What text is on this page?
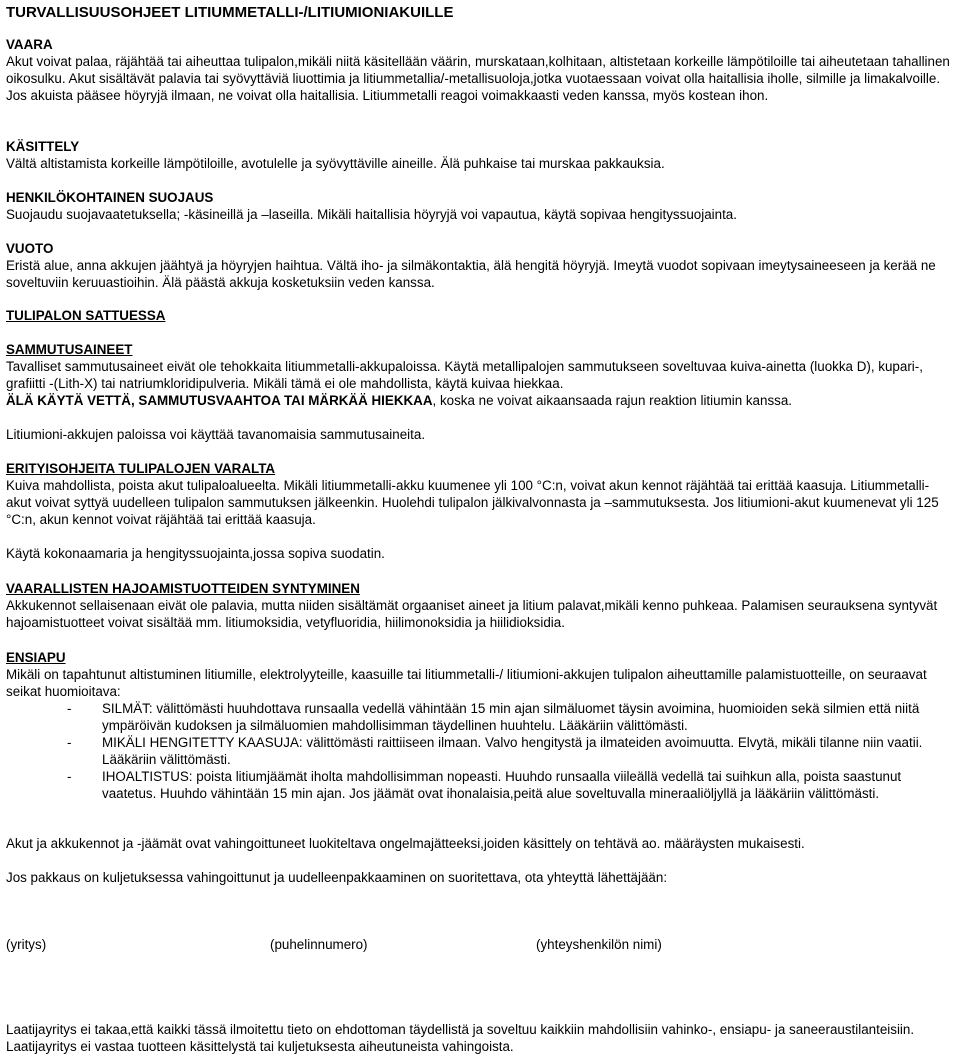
TURVALLISUUSOHJEET LITIUMMETALLI-/LITIUMIONIAKUILLE
VAARA
Akut voivat palaa, räjähtää tai aiheuttaa tulipalon,mikäli niitä käsitellään väärin, murskataan,kolhitaan, altistetaan korkeille lämpötiloille tai aiheutetaan tahallinen oikosulku. Akut sisältävät palavia tai syövyttäviä liuottimia ja litiummetallia/-metallisuoloja,jotka vuotaessaan voivat olla haitallisia iholle, silmille ja limakalvoille. Jos akuista pääsee höyryjä ilmaan, ne voivat olla haitallisia. Litiummetalli reagoi voimakkaasti veden kanssa, myös kostean ihon.
KÄSITTELY
Vältä altistamista korkeille lämpötiloille, avotulelle ja syövyttäville aineille. Älä puhkaise tai murskaa pakkauksia.
HENKILÖKOHTAINEN SUOJAUS
Suojaudu suojavaatetuksella; -käsineillä ja –laseilla. Mikäli haitallisia höyryjä voi vapautua, käytä sopivaa hengityssuojainta.
VUOTO
Eristä alue, anna akkujen jäähtyä ja höyryjen haihtua. Vältä iho- ja silmäkontaktia, älä hengitä höyryjä. Imeytä vuodot sopivaan imeytysaineeseen ja kerää ne soveltuviin keruuastioihin. Älä päästä akkuja kosketuksiin veden kanssa.
TULIPALON SATTUESSA
SAMMUTUSAINEET
Tavalliset sammutusaineet eivät ole tehokkaita litiummetalli-akkupaloissa. Käytä metallipalojen sammutukseen soveltuvaa kuiva-ainetta (luokka D), kupari-, grafiitti -(Lith-X) tai natriumkloridipulveria. Mikäli tämä ei ole mahdollista, käytä kuivaa hiekkaa.
ÄLÄ KÄYTÄ VETTÄ, SAMMUTUSVAAHTOA TAI MÄRKÄÄ HIEKKAA, koska ne voivat aikaansaada rajun reaktion litiumin kanssa.
Litiumioni-akkujen paloissa voi käyttää tavanomaisia sammutusaineita.
ERITYISOHJEITA TULIPALOJEN VARALTA
Kuiva mahdollista, poista akut tulipaloalueelta. Mikäli litiummetalli-akku kuumenee yli 100 °C:n, voivat akun kennot räjähtää tai erittää kaasuja. Litiummetalli-akut voivat syttyä uudelleen tulipalon sammutuksen jälkeenkin. Huolehdi tulipalon jälkivalvonnasta ja –sammutuksesta. Jos litiumioni-akut kuumenevat yli 125 °C:n, akun kennot voivat räjähtää tai erittää kaasuja.
Käytä kokonaamaria ja hengityssuojainta,jossa sopiva suodatin.
VAARALLISTEN HAJOAMISTUOTTEIDEN SYNTYMINEN
Akkukennot sellaisenaan eivät ole palavia, mutta niiden sisältämät orgaaniset aineet ja litium palavat,mikäli kenno puhkeaa. Palamisen seurauksena syntyvät hajoamistuotteet voivat sisältää mm. litiumoksidia, vetyfluoridia, hiilimonoksidia ja hiilidioksidia.
ENSIAPU
Mikäli on tapahtunut altistuminen litiumille, elektrolyyteille, kaasuille tai litiummetalli-/ litiumioni-akkujen tulipalon aiheuttamille palamistuotteille, on seuraavat seikat huomioitava:
- SILMÄT: välittömästi huuhdottava runsaalla vedellä vähintään 15 min ajan silmäluomet täysin avoimina, huomioiden sekä silmien että niitä ympäröivän kudoksen ja silmäluomien mahdollisimman täydellinen huuhtelu. Lääkäriin välittömästi.
- MIKÄLI HENGITETTY KAASUJA: välittömästi raittiiseen ilmaan. Valvo hengitystä ja ilmateiden avoimuutta. Elvytä, mikäli tilanne niin vaatii. Lääkäriin välittömästi.
- IHOALTISTUS: poista litiumjäämät iholta mahdollisimman nopeasti. Huuhdo runsaalla viileällä vedellä tai suihkun alla, poista saastunut vaatetus. Huuhdo vähintään 15 min ajan. Jos jäämät ovat ihonalaisia,peitä alue soveltuvalla mineraaliöljyllä ja lääkäriin välittömästi.
Akut ja akkukennot ja -jäämät ovat vahingoittuneet luokiteltava ongelmajätteeksi,joiden käsittely on tehtävä ao. määräysten mukaisesti.
Jos pakkaus on kuljetuksessa vahingoittunut ja uudelleenpakkaaminen on suoritettava, ota yhteyttä lähettäjään:
(yritys)	(puhelinnumero)	(yhteyshenkilön nimi)
Laatijayritys ei takaa,että kaikki tässä ilmoitettu tieto on ehdottoman täydellistä ja soveltuu kaikkiin mahdollisiin vahinko-, ensiapu- ja saneeraustilanteisiin. Laatijayritys ei vastaa tuotteen käsittelystä tai kuljetuksesta aiheutuneista vahingoista.
